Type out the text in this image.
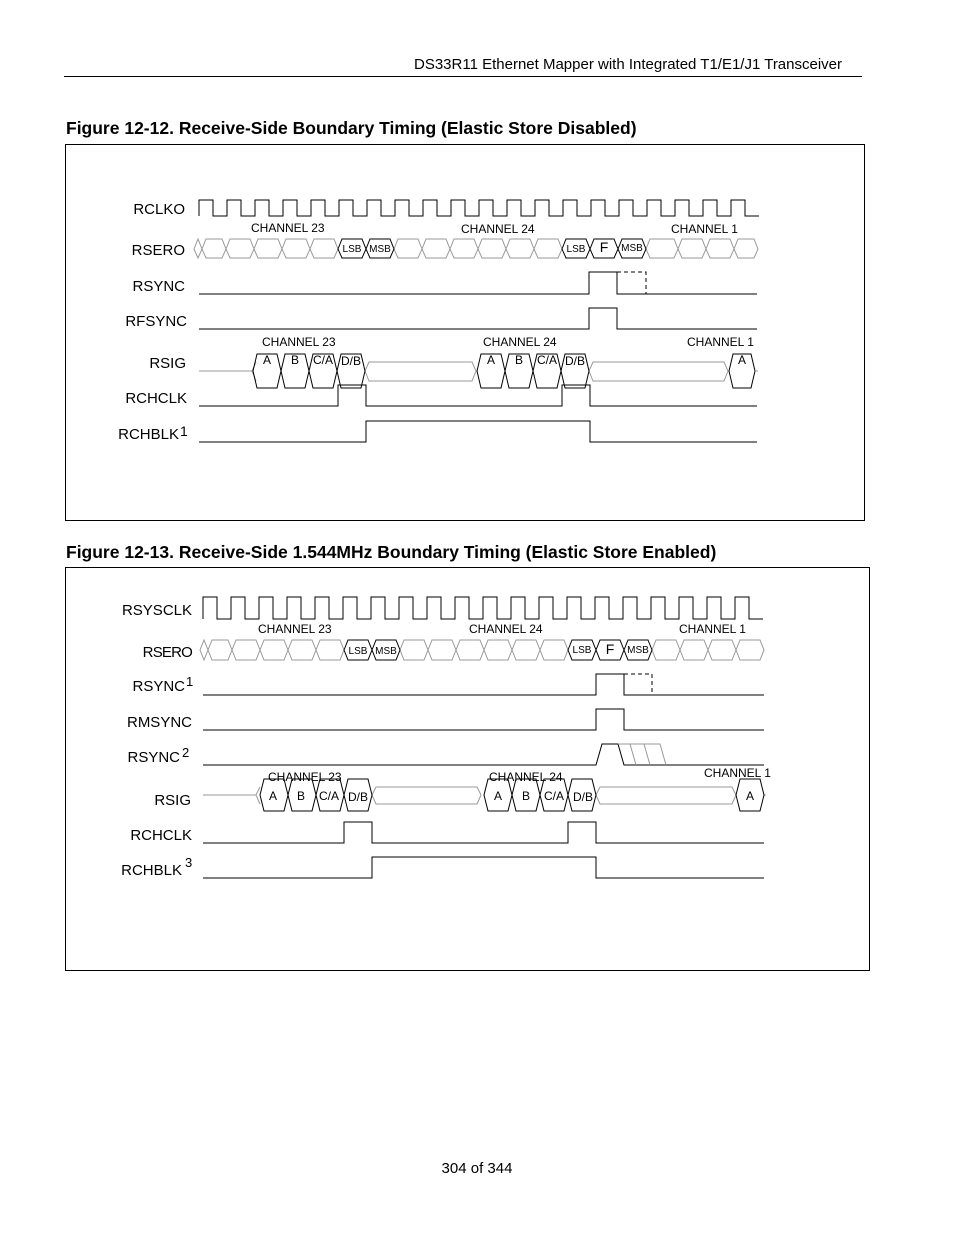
DS33R11 Ethernet Mapper with Integrated T1/E1/J1 Transceiver
Figure 12-12. Receive-Side Boundary Timing (Elastic Store Disabled)
RCLKO
RSERO
RSYNC
RFSYNC
RSIG
RCHCLK
RCHBLK 1
CHANNEL 23	CHANNEL 24	CHANNEL 1
CHANNEL 23	CHANNEL 24	CHANNEL 1
LSB MSB	LSB F MSB
A B C/A D/B	A B C/A D/B	A
Figure 12-13. Receive-Side 1.544MHz Boundary Timing (Elastic Store Enabled)
RSYSCLK
RSERO
RSYNC
RMSYNC
RSYNC
RSIG
RCHCLK
RCHBLK
1
2
3
CHANNEL 23	CHANNEL 24	CHANNEL 1
CHANNEL 23	CHANNEL 24	CHANNEL 1
LSB MSB	LSB F MSB
A B C/A D/B	A B C/A D/B	A
304 of 344
